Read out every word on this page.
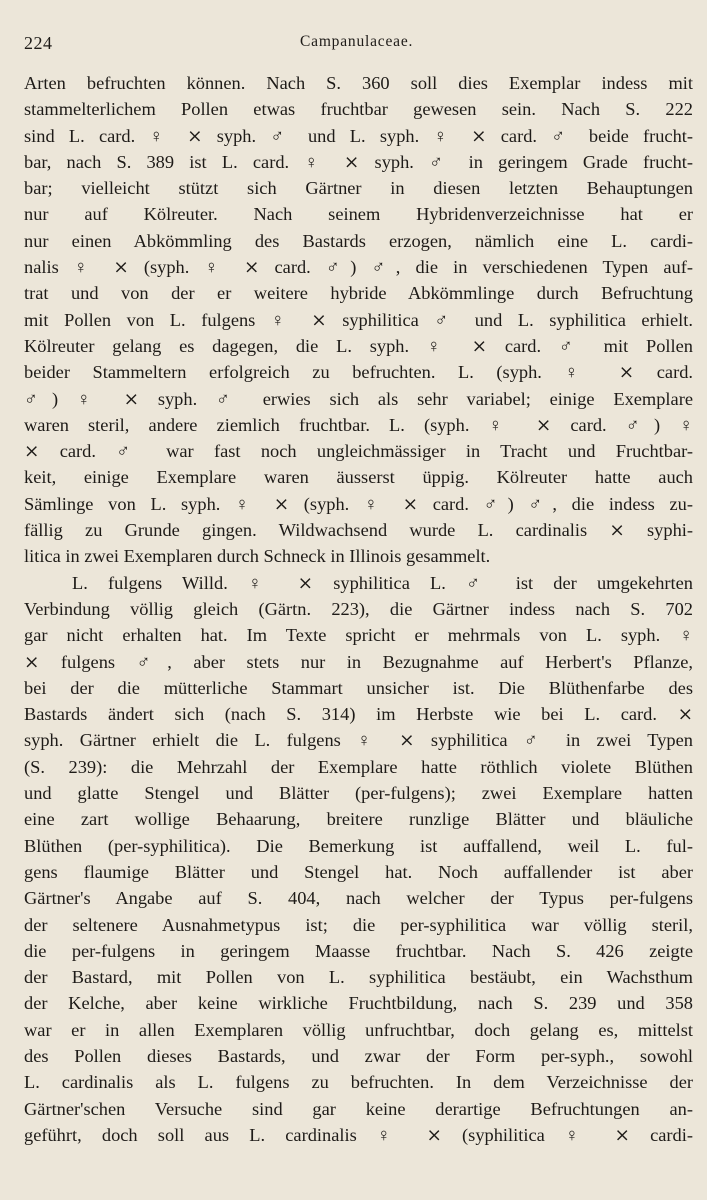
224	Campanulaceae.
Arten befruchten können. Nach S. 360 soll dies Exemplar indess mit
stammelterlichem Pollen etwas fruchtbar gewesen sein. Nach S. 222
sind L. card. ♀ ⨯ syph. ♂ und L. syph. ♀ ⨯ card. ♂ beide frucht-
bar, nach S. 389 ist L. card. ♀ ⨯ syph. ♂ in geringem Grade frucht-
bar; vielleicht stützt sich Gärtner in diesen letzten Behauptungen
nur auf Kölreuter. Nach seinem Hybridenverzeichnisse hat er
nur einen Abkömmling des Bastards erzogen, nämlich eine L. cardi-
nalis ♀ ⨯ (syph. ♀ ⨯ card. ♂) ♂, die in verschiedenen Typen auf-
trat und von der er weitere hybride Abkömmlinge durch Befruchtung
mit Pollen von L. fulgens ♀ ⨯ syphilitica ♂ und L. syphilitica erhielt.
Kölreuter gelang es dagegen, die L. syph. ♀ ⨯ card. ♂ mit Pollen
beider Stammeltern erfolgreich zu befruchten. L. (syph. ♀ ⨯ card.
♂) ♀ ⨯ syph. ♂ erwies sich als sehr variabel; einige Exemplare
waren steril, andere ziemlich fruchtbar. L. (syph. ♀ ⨯ card. ♂) ♀
⨯ card. ♂ war fast noch ungleichmässiger in Tracht und Fruchtbar-
keit, einige Exemplare waren äusserst üppig. Kölreuter hatte auch
Sämlinge von L. syph. ♀ ⨯ (syph. ♀ ⨯ card. ♂) ♂, die indess zu-
fällig zu Grunde gingen. Wildwachsend wurde L. cardinalis ⨯ syphi-
litica in zwei Exemplaren durch Schneck in Illinois gesammelt.
L. fulgens Willd. ♀ ⨯ syphilitica L. ♂ ist der umgekehrten
Verbindung völlig gleich (Gärtn. 223), die Gärtner indess nach S. 702
gar nicht erhalten hat. Im Texte spricht er mehrmals von L. syph. ♀
⨯ fulgens ♂, aber stets nur in Bezugnahme auf Herbert's Pflanze,
bei der die mütterliche Stammart unsicher ist. Die Blüthenfarbe des
Bastards ändert sich (nach S. 314) im Herbste wie bei L. card. ⨯
syph. Gärtner erhielt die L. fulgens ♀ ⨯ syphilitica ♂ in zwei Typen
(S. 239): die Mehrzahl der Exemplare hatte röthlich violete Blüthen
und glatte Stengel und Blätter (per-fulgens); zwei Exemplare hatten
eine zart wollige Behaarung, breitere runzlige Blätter und bläuliche
Blüthen (per-syphilitica). Die Bemerkung ist auffallend, weil L. ful-
gens flaumige Blätter und Stengel hat. Noch auffallender ist aber
Gärtner's Angabe auf S. 404, nach welcher der Typus per-fulgens
der seltenere Ausnahmetypus ist; die per-syphilitica war völlig steril,
die per-fulgens in geringem Maasse fruchtbar. Nach S. 426 zeigte
der Bastard, mit Pollen von L. syphilitica bestäubt, ein Wachsthum
der Kelche, aber keine wirkliche Fruchtbildung, nach S. 239 und 358
war er in allen Exemplaren völlig unfruchtbar, doch gelang es, mittelst
des Pollen dieses Bastards, und zwar der Form per-syph., sowohl
L. cardinalis als L. fulgens zu befruchten. In dem Verzeichnisse der
Gärtner'schen Versuche sind gar keine derartige Befruchtungen an-
geführt, doch soll aus L. cardinalis ♀ ⨯ (syphilitica ♀ ⨯ cardi-
